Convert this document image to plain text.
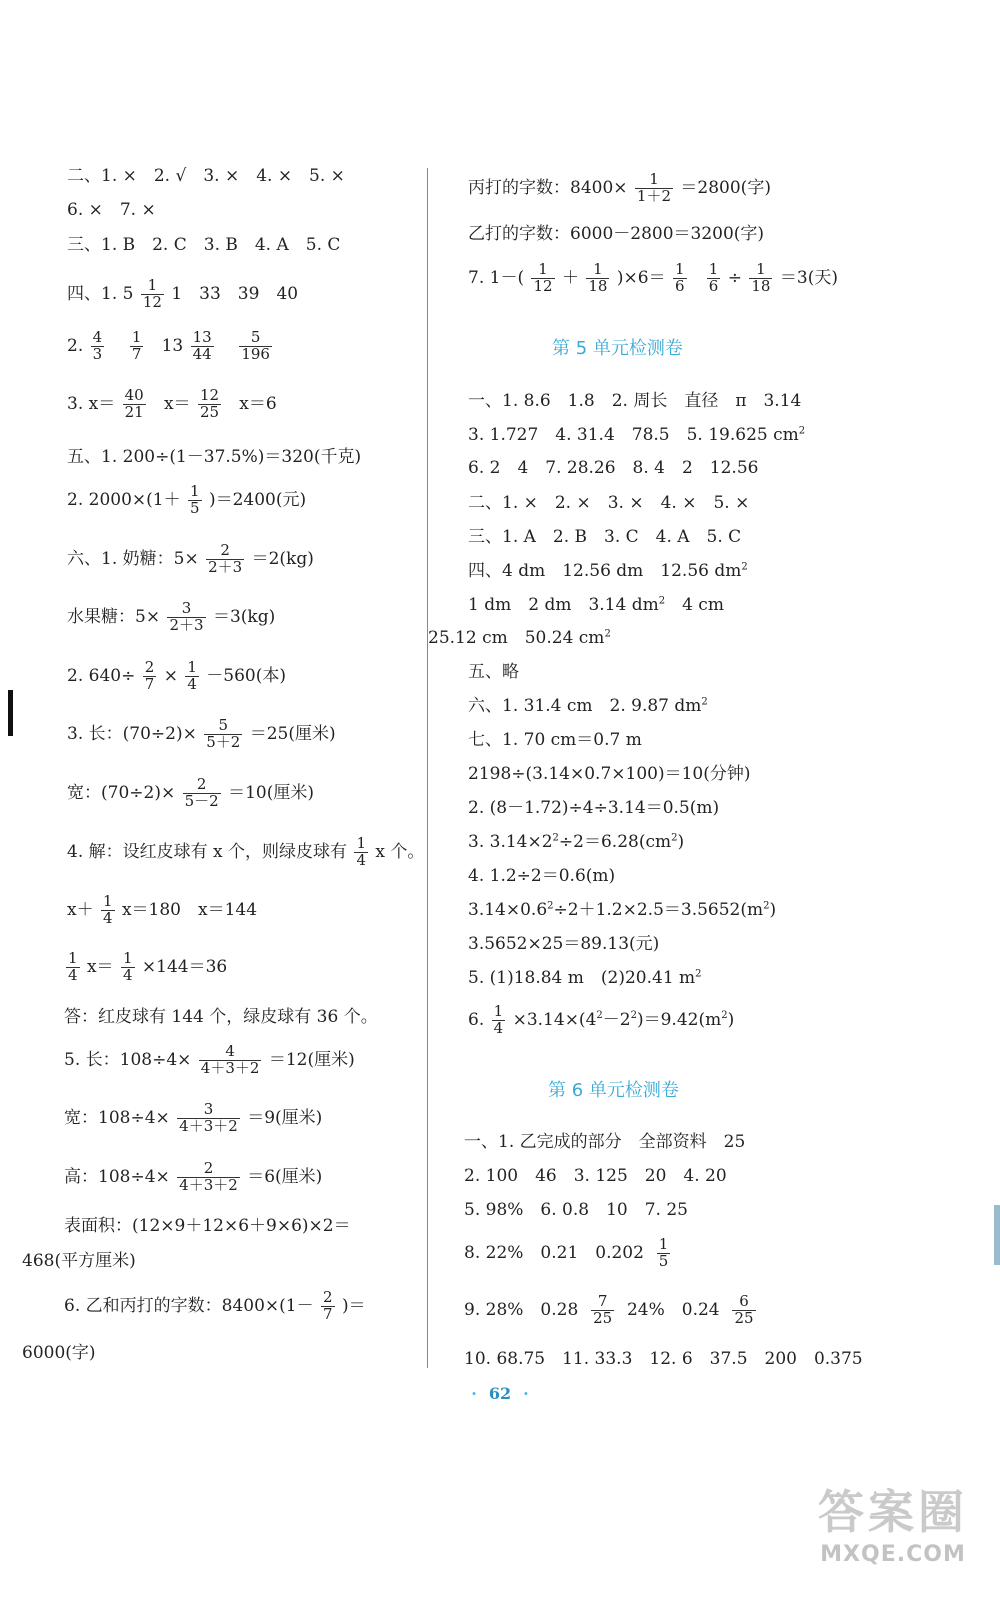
二、1. ×　2. √　3. ×　4. ×　5. ×
6. ×　7. ×
三、1. B　2. C　3. B　4. A　5. C
四、1. $5 \frac{1}{12} 1$　33　39　40
2. $\frac{4}{3}$
$\frac{1}{7} 13 \frac{13}{44}$
$\frac{5}{196}$
3. $x= \frac{40}{21} x= \frac{12}{25} x=6$
五、1. 200÷(1－37.5%)＝320(千克)
2. $2000\times(1+ \frac{1}{5} )=2400$(元)
六、1. 奶糖：$5\times \frac{2}{2+3} =2(kg)$
水果糖：$5\times \frac{3}{2+3} =3(kg)$
2. $640\div \frac{2}{7} \times \frac{1}{4} -560$(本)
3. 长：$(70\div 2)\times \frac{5}{5+2} =25$(厘米)
宽：$(70\div 2)\times \frac{2}{5-2} =10$(厘米)
4. 解：设红皮球有 x 个，则绿皮球有 $\frac{1}{4}$ x 个。
$x+ \frac{1}{4} x=180$　x＝144
$\frac{1}{4} x= \frac{1}{4} \times 144=36$
答：红皮球有 144 个，绿皮球有 36 个。
5. 长：$108\div 4\times \frac{4}{4+3+2} =12$(厘米)
宽：$108\div 4\times \frac{3}{4+3+2} =9$(厘米)
高：$108\div 4\times \frac{2}{4+3+2} =6$(厘米)
表面积：(12×9＋12×6＋9×6)×2＝
468(平方厘米)
6. 乙和丙打的字数：$8400\times(1- \frac{2}{7}$ )＝
6000(字)
丙打的字数：$8400\times \frac{1}{1+2} =2800$(字)
乙打的字数：6000－2800＝3200(字)
7. $1-( \frac{1}{12} + \frac{1}{18} )\times 6= \frac{1}{6}$
$\frac{1}{6} \div \frac{1}{18} =3$(天)
第 5 单元检测卷
一、1. 8.6　1.8　2. 周长　直径　π　3.14
3. 1.727　4. 31.4　78.5　5. 19.625 $cm^2$
6. 2　4　7. 28.26　8. 4　2　12.56
二、1. ×　2. ×　3. ×　4. ×　5. ×
三、1. A　2. B　3. C　4. A　5. C
四、4 dm　12.56 dm　12.56 $dm^2$
1 dm　2 dm　3.14 $dm^2$　4 cm
25.12 cm　50.24 $cm^2$
五、略
六、1. 31.4 cm　2. 9.87 $dm^2$
七、1. 70 cm＝0.7 m
2198÷(3.14×0.7×100)＝10(分钟)
2. (8－1.72)÷4÷3.14＝0.5(m)
3. $3.14\times 2^2\div 2=6.28(cm^2)$
4. 1.2÷2＝0.6(m)
$3.14\times 0.6^2\div 2+1.2\times 2.5=3.5652(m^2)$
3.5652×25＝89.13(元)
5. (1)18.84 m　(2)20.41 $m^2$
6. $\frac{1}{4} \times 3.14\times(4^2-2^2)=9.42(m^2)$
第 6 单元检测卷
一、1. 乙完成的部分　全部资料　25
2. 100　46　3. 125　20　4. 20
5. 98%　6. 0.8　10　7. 25
8. 22%　0.21　$0.202 \frac{1}{5}$
9. 28%　$0.28 \frac{7}{25} 24\%$　$0.24 \frac{6}{25}$
10. 68.75　11. 33.3　12. 6　37.5　200　0.375
· 62 ·
答案圈
MXQE.COM
